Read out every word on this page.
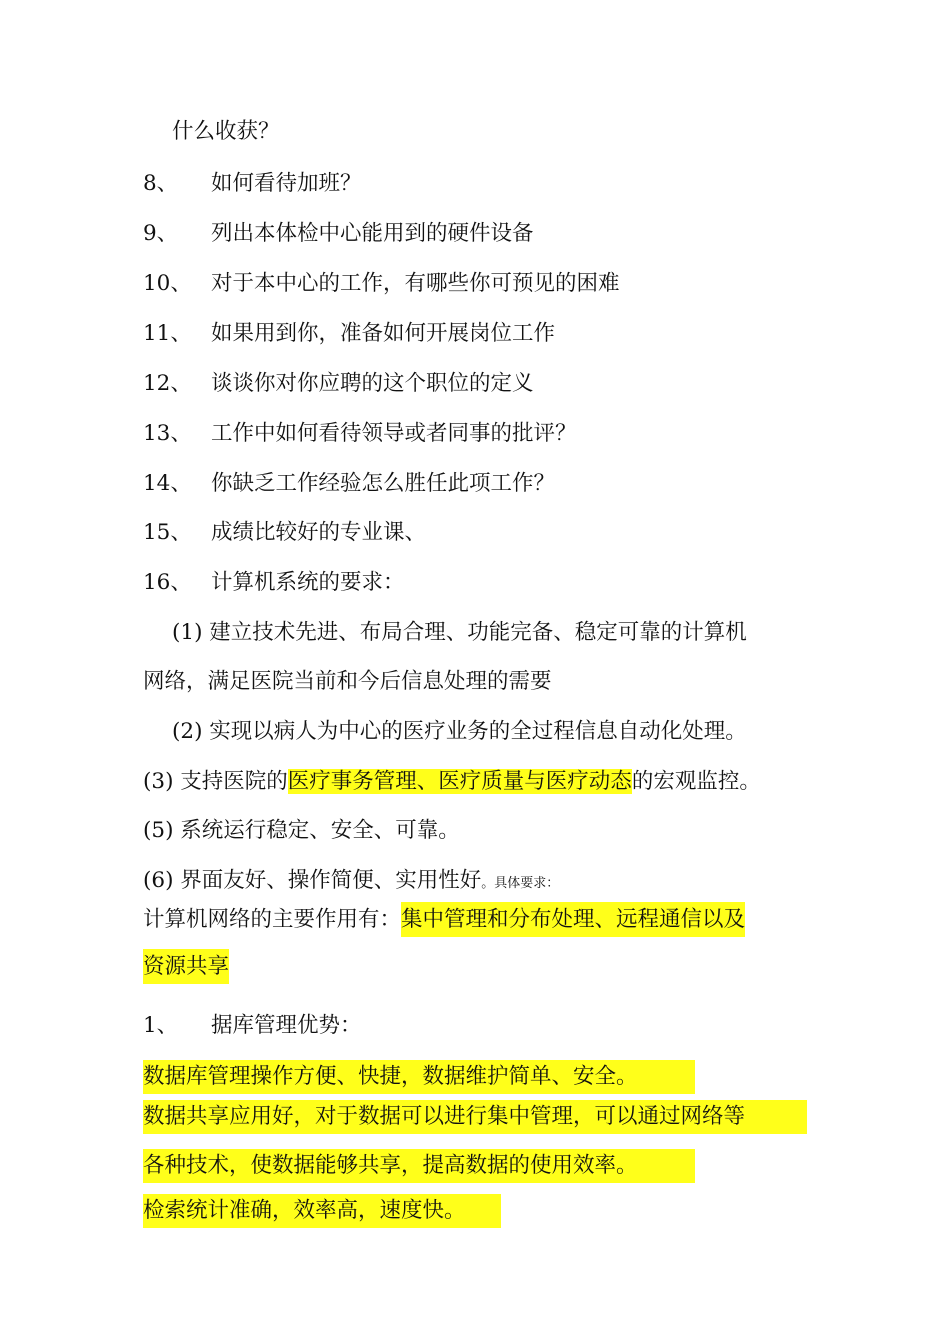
什么收获？
8、 如何看待加班？
9、 列出本体检中心能用到的硬件设备
10、 对于本中心的工作，有哪些你可预见的困难
11、 如果用到你，准备如何开展岗位工作
12、 谈谈你对你应聘的这个职位的定义
13、 工作中如何看待领导或者同事的批评？
14、 你缺乏工作经验怎么胜任此项工作？
15、 成绩比较好的专业课、
16、 计算机系统的要求：
(1) 建立技术先进、布局合理、功能完备、稳定可靠的计算机
网络，满足医院当前和今后信息处理的需要
(2) 实现以病人为中心的医疗业务的全过程信息自动化处理。
(3) 支持医院的医疗事务管理、医疗质量与医疗动态的宏观监控。
(5) 系统运行稳定、安全、可靠。
(6) 界面友好、操作简便、实用性好。具体要求：
计算机网络的主要作用有：集中管理和分布处理、远程通信以及
资源共享
1、 据库管理优势：
数据库管理操作方便、快捷，数据维护简单、安全。
数据共享应用好，对于数据可以进行集中管理，可以通过网络等
各种技术，使数据能够共享，提高数据的使用效率。
检索统计准确，效率高，速度快。
